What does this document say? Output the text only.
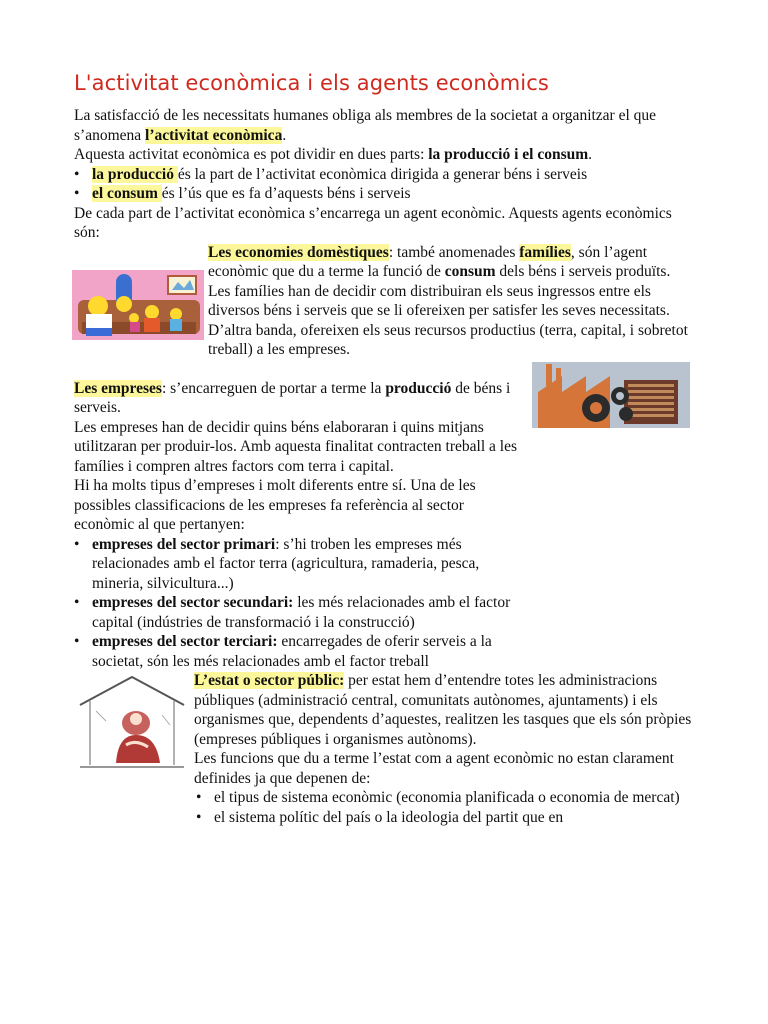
L'activitat econòmica i els agents econòmics

La satisfacció de les necessitats humanes obliga als membres de la societat a organitzar el que s’anomena l’activitat econòmica.

Aquesta activitat econòmica es pot dividir en dues parts: la producció i el consum.

• la producció és la part de l’activitat econòmica dirigida a generar béns i serveis
• el consum és l’ús que es fa d’aquests béns i serveis

De cada part de l’activitat econòmica s’encarrega un agent econòmic. Aquests agents econòmics són:

Les economies domèstiques: també anomenades famílies, són l’agent econòmic que du a terme la funció de consum dels béns i serveis produïts.

Les famílies han de decidir com distribuiran els seus ingressos entre els diversos béns i serveis que se li ofereixen per satisfer les seves necessitats.

D’altra banda, ofereixen els seus recursos productius (terra, capital, i sobretot treball) a les empreses.

Les empreses: s’encarreguen de portar a terme la producció de béns i serveis.

Les empreses han de decidir quins béns elaboraran i quins mitjans utilitzaran per produir-los. Amb aquesta finalitat contracten treball a les famílies i compren altres factors com terra i capital.

Hi ha molts tipus d’empreses i molt diferents entre sí. Una de les possibles classificacions de les empreses fa referència al sector econòmic al que pertanyen:

• empreses del sector primari: s’hi troben les empreses més relacionades amb el factor terra (agricultura, ramaderia, pesca, mineria, silvicultura...)
• empreses del sector secundari: les més relacionades amb el factor capital (indústries de transformació i la construcció)
• empreses del sector terciari: encarregades de oferir serveis a la societat, són les més relacionades amb el factor treball

L’estat o sector públic: per estat hem d’entendre totes les administracions públiques (administració central, comunitats autònomes, ajuntaments) i els organismes que, dependents d’aquestes, realitzen les tasques que els són pròpies (empreses públiques i organismes autònoms).

Les funcions que du a terme l’estat com a agent econòmic no estan clarament definides ja que depenen de:

• el tipus de sistema econòmic (economia planificada o economia de mercat)
• el sistema polític del país o la ideologia del partit que en
